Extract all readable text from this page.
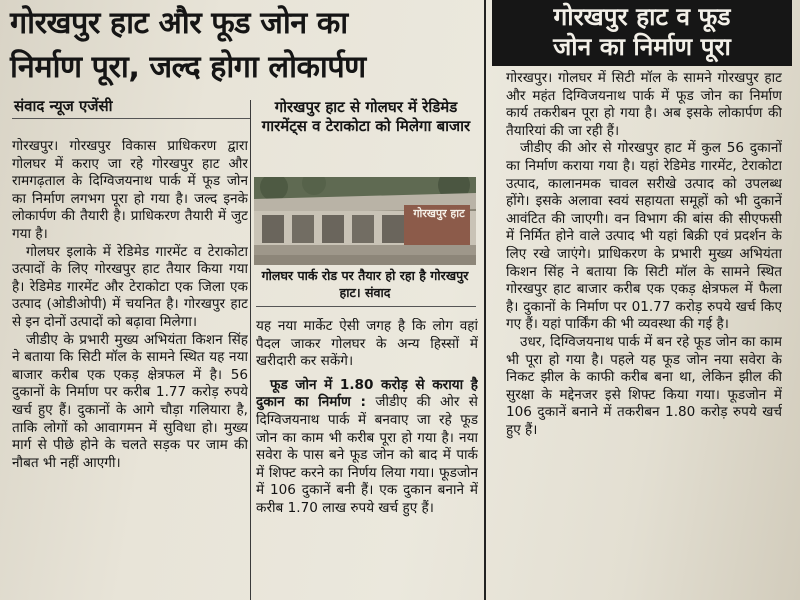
गोरखपुर हाट और फूड जोन का
निर्माण पूरा, जल्द होगा लोकार्पण
संवाद न्यूज एजेंसी

गोरखपुर। गोरखपुर विकास प्राधिकरण द्वारा गोलघर में कराए जा रहे गोरखपुर हाट और रामगढ़ताल के दिग्विजयनाथ पार्क में फूड जोन का निर्माण लगभग पूरा हो गया है। जल्द इनके लोकार्पण की तैयारी है। प्राधिकरण तैयारी में जुट गया है।

गोलघर इलाके में रेडिमेड गारमेंट व टेराकोटा उत्पादों के लिए गोरखपुर हाट तैयार किया गया है। रेडिमेड गारमेंट और टेराकोटा एक जिला एक उत्पाद (ओडीओपी) में चयनित है। गोरखपुर हाट से इन दोनों उत्पादों को बढ़ावा मिलेगा।

जीडीए के प्रभारी मुख्य अभियंता किशन सिंह ने बताया कि सिटी मॉल के सामने स्थित यह नया बाजार करीब एक एकड़ क्षेत्रफल में है। 56 दुकानों के निर्माण पर करीब 1.77 करोड़ रुपये खर्च हुए हैं। दुकानों के आगे चौड़ा गलियारा है, ताकि लोगों को आवागमन में सुविधा हो। मुख्य मार्ग से पीछे होने के चलते सड़क पर जाम की नौबत भी नहीं आएगी।

गोरखपुर हाट से गोलघर में रेडिमेड गारमेंट्स व टेराकोटा को मिलेगा बाजार
गोरखपुर हाट
गोलघर पार्क रोड पर तैयार हो रहा है गोरखपुर हाट। संवाद

यह नया मार्केट ऐसी जगह है कि लोग वहां पैदल जाकर गोलघर के अन्य हिस्सों में खरीदारी कर सकेंगे।

फूड जोन में 1.80 करोड़ से कराया है दुकान का निर्माण : जीडीए की ओर से दिग्विजयनाथ पार्क में बनवाए जा रहे फूड जोन का काम भी करीब पूरा हो गया है। नया सवेरा के पास बने फूड जोन को बाद में पार्क में शिफ्ट करने का निर्णय लिया गया। फूडजोन में 106 दुकानें बनी हैं। एक दुकान बनाने में करीब 1.70 लाख रुपये खर्च हुए हैं।

गोरखपुर हाट व फूड
जोन का निर्माण पूरा

गोरखपुर। गोलघर में सिटी मॉल के सामने गोरखपुर हाट और महंत दिग्विजयनाथ पार्क में फूड जोन का निर्माण कार्य तकरीबन पूरा हो गया है। अब इसके लोकार्पण की तैयारियां की जा रही हैं।

जीडीए की ओर से गोरखपुर हाट में कुल 56 दुकानों का निर्माण कराया गया है। यहां रेडिमेड गारमेंट, टेराकोटा उत्पाद, कालानमक चावल सरीखे उत्पाद को उपलब्ध होंगे। इसके अलावा स्वयं सहायता समूहों को भी दुकानें आवंटित की जाएगी। वन विभाग की बांस की सीएफसी में निर्मित होने वाले उत्पाद भी यहां बिक्री एवं प्रदर्शन के लिए रखे जाएंगे। प्राधिकरण के प्रभारी मुख्य अभियंता किशन सिंह ने बताया कि सिटी मॉल के सामने स्थित गोरखपुर हाट बाजार करीब एक एकड़ क्षेत्रफल में फैला है। दुकानों के निर्माण पर 01.77 करोड़ रुपये खर्च किए गए हैं। यहां पार्किंग की भी व्यवस्था की गई है।

उधर, दिग्विजयनाथ पार्क में बन रहे फूड जोन का काम भी पूरा हो गया है। पहले यह फूड जोन नया सवेरा के निकट झील के काफी करीब बना था, लेकिन झील की सुरक्षा के मद्देनजर इसे शिफ्ट किया गया। फूडजोन में 106 दुकानें बनाने में तकरीबन 1.80 करोड़ रुपये खर्च हुए हैं।
